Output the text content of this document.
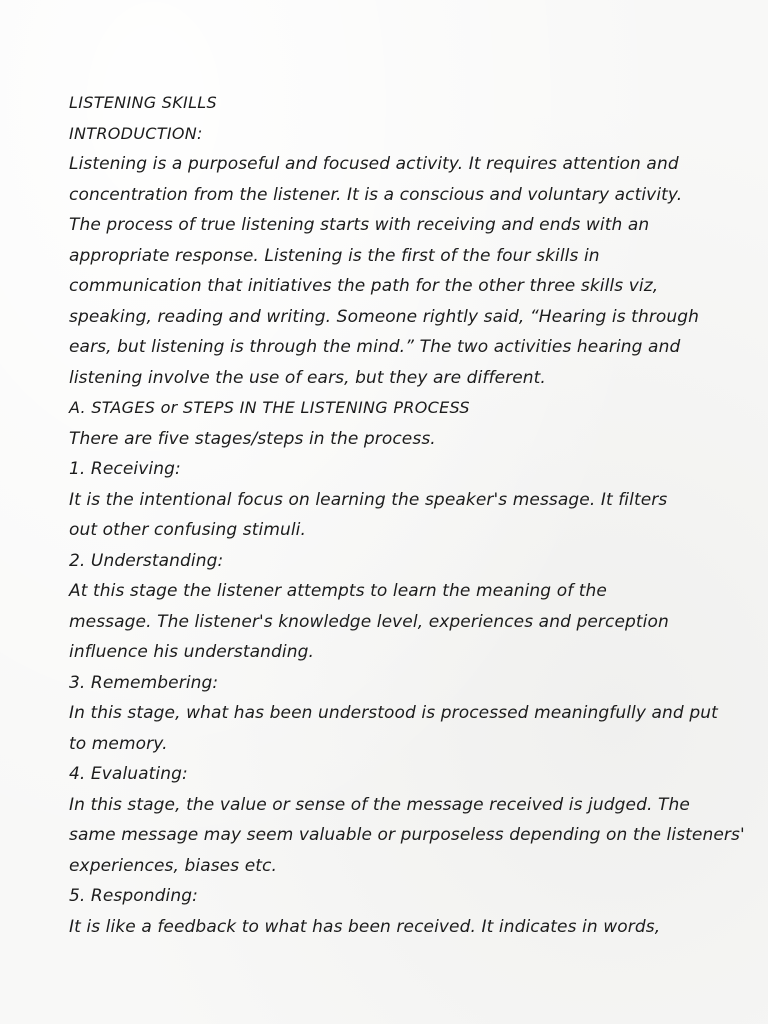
LISTENING SKILLS
INTRODUCTION:
Listening is a purposeful and focused activity. It requires attention and
concentration from the listener. It is a conscious and voluntary activity.
The process of true listening starts with receiving and ends with an
appropriate response. Listening is the first of the four skills in
communication that initiatives the path for the other three skills viz,
speaking, reading and writing. Someone rightly said, “Hearing is through
ears, but listening is through the mind.” The two activities hearing and
listening involve the use of ears, but they are different.
A. STAGES or STEPS IN THE LISTENING PROCESS
There are five stages/steps in the process.
1. Receiving:
It is the intentional focus on learning the speaker's message. It filters
out other confusing stimuli.
2. Understanding:
At this stage the listener attempts to learn the meaning of the
message. The listener's knowledge level, experiences and perception
influence his understanding.
3. Remembering:
In this stage, what has been understood is processed meaningfully and put
to memory.
4. Evaluating:
In this stage, the value or sense of the message received is judged. The
same message may seem valuable or purposeless depending on the listeners'
experiences, biases etc.
5. Responding:
It is like a feedback to what has been received. It indicates in words,
